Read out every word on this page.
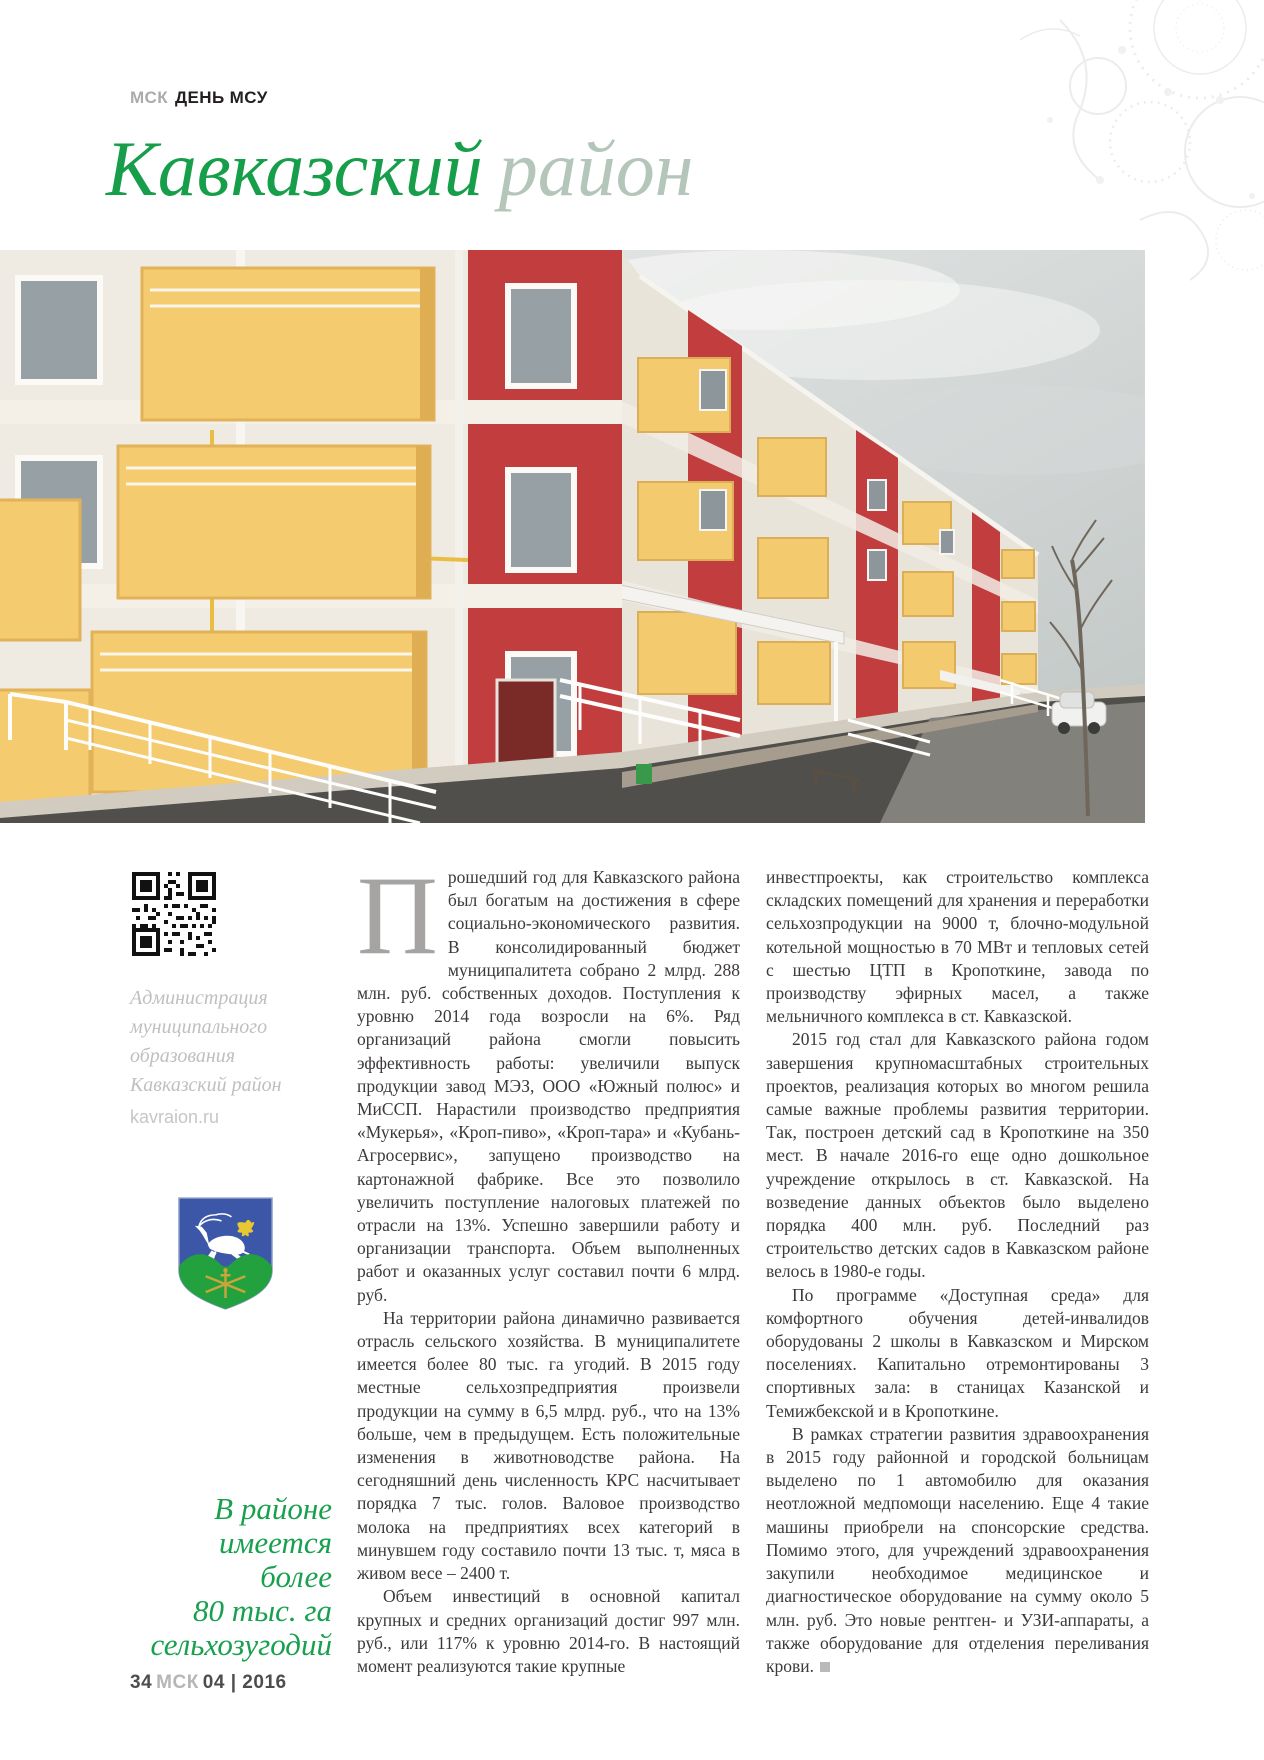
МСК ДЕНЬ МСУ
Кавказский район
Администрация
муниципального
образования
Кавказский район
kavraion.ru
В районе
имеется
более
80 тыс. га
сельхозугодий

Прошедший год для Кавказского района был богатым на достижения в сфере социально-экономического развития. В консолидированный бюджет муниципалитета собрано 2 млрд. 288 млн. руб. собственных доходов. Поступления к уровню 2014 года возросли на 6%. Ряд организаций района смогли повысить эффективность работы: увеличили выпуск продукции завод МЭЗ, ООО «Южный полюс» и МиССП. Нарастили производство предприятия «Мукерья», «Кроп-пиво», «Кроп-тара» и «Кубань-Агросервис», запущено производство на картонажной фабрике. Все это позволило увеличить поступление налоговых платежей по отрасли на 13%. Успешно завершили работу и организации транспорта. Объем выполненных работ и оказанных услуг составил почти 6 млрд. руб.

На территории района динамично развивается отрасль сельского хозяйства. В муниципалитете имеется более 80 тыс. га угодий. В 2015 году местные сельхозпредприятия произвели продукции на сумму в 6,5 млрд. руб., что на 13% больше, чем в предыдущем. Есть положительные изменения в животноводстве района. На сегодняшний день численность КРС насчитывает порядка 7 тыс. голов. Валовое производство молока на предприятиях всех категорий в минувшем году составило почти 13 тыс. т, мяса в живом весе – 2400 т.

Объем инвестиций в основной капитал крупных и средних организаций достиг 997 млн. руб., или 117% к уровню 2014-го. В настоящий момент реализуются такие крупные

инвестпроекты, как строительство комплекса складских помещений для хранения и переработки сельхозпродукции на 9000 т, блочно-модульной котельной мощностью в 70 МВт и тепловых сетей с шестью ЦТП в Кропоткине, завода по производству эфирных масел, а также мельничного комплекса в ст. Кавказской.

2015 год стал для Кавказского района годом завершения крупномасштабных строительных проектов, реализация которых во многом решила самые важные проблемы развития территории. Так, построен детский сад в Кропоткине на 350 мест. В начале 2016-го еще одно дошкольное учреждение открылось в ст. Кавказской. На возведение данных объектов было выделено порядка 400 млн. руб. Последний раз строительство детских садов в Кавказском районе велось в 1980-е годы.

По программе «Доступная среда» для комфортного обучения детей-инвалидов оборудованы 2 школы в Кавказском и Мирском поселениях. Капитально отремонтированы 3 спортивных зала: в станицах Казанской и Темижбекской и в Кропоткине.

В рамках стратегии развития здравоохранения в 2015 году районной и городской больницам выделено по 1 автомобилю для оказания неотложной медпомощи населению. Еще 4 такие машины приобрели на спонсорские средства. Помимо этого, для учреждений здравоохранения закупили необходимое медицинское и диагностическое оборудование на сумму около 5 млн. руб. Это новые рентген- и УЗИ-аппараты, а также оборудование для отделения переливания крови.

34 МСК 04 | 2016
